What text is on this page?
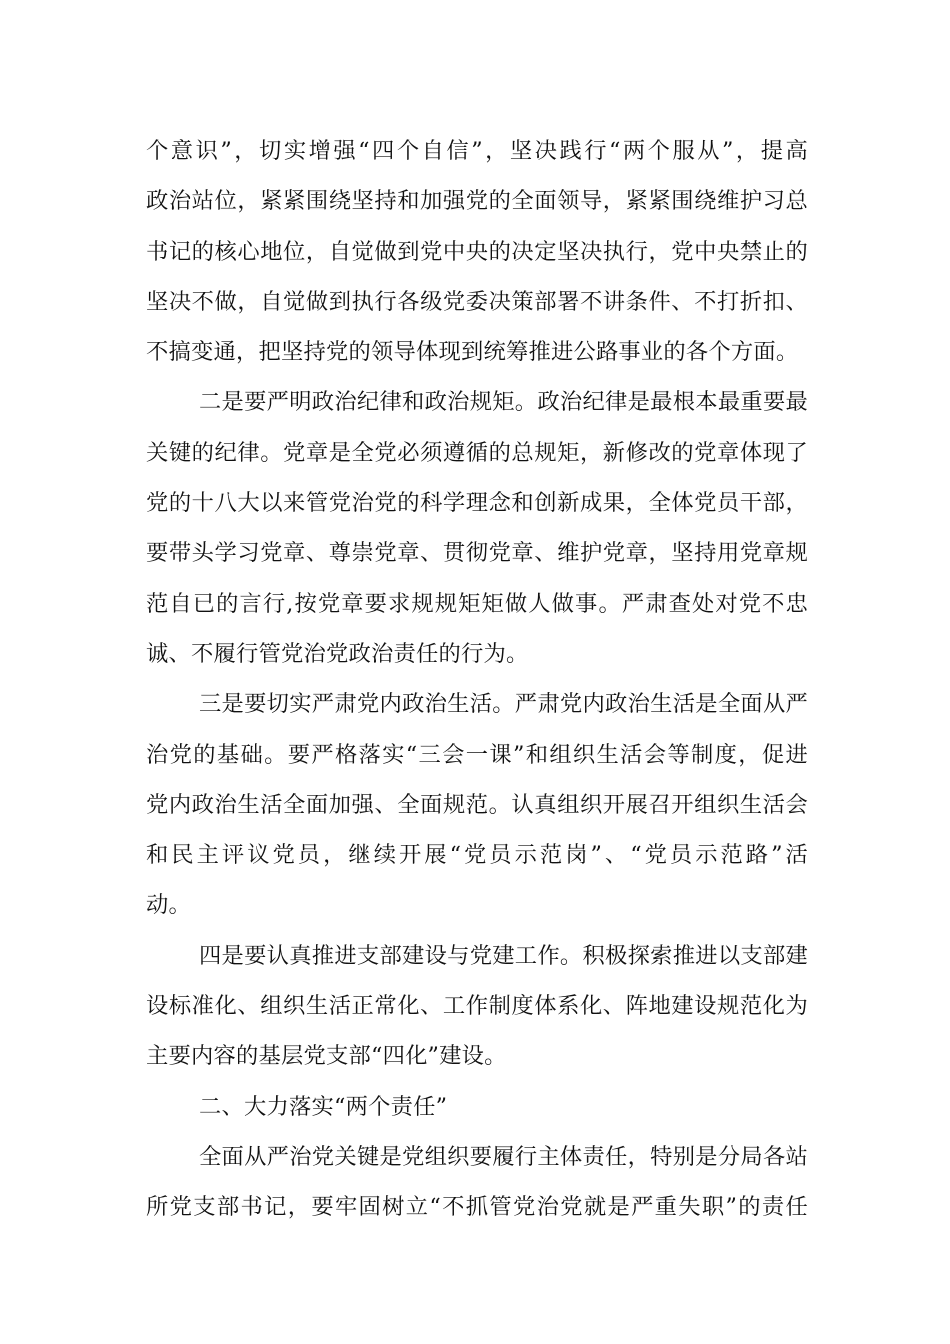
个意识”，切实增强“四个自信”，坚决践行“两个服从”，提高
政治站位，紧紧围绕坚持和加强党的全面领导，紧紧围绕维护习总
书记的核心地位，自觉做到党中央的决定坚决执行，党中央禁止的
坚决不做，自觉做到执行各级党委决策部署不讲条件、不打折扣、
不搞变通，把坚持党的领导体现到统筹推进公路事业的各个方面。
二是要严明政治纪律和政治规矩。政治纪律是最根本最重要最
关键的纪律。党章是全党必须遵循的总规矩，新修改的党章体现了
党的十八大以来管党治党的科学理念和创新成果，全体党员干部，
要带头学习党章、尊崇党章、贯彻党章、维护党章，坚持用党章规
范自已的言行,按党章要求规规矩矩做人做事。严肃查处对党不忠
诚、不履行管党治党政治责任的行为。
三是要切实严肃党内政治生活。严肃党内政治生活是全面从严
治党的基础。要严格落实“三会一课”和组织生活会等制度，促进
党内政治生活全面加强、全面规范。认真组织开展召开组织生活会
和民主评议党员，继续开展“党员示范岗”、“党员示范路”活
动。
四是要认真推进支部建设与党建工作。积极探索推进以支部建
设标准化、组织生活正常化、工作制度体系化、阵地建设规范化为
主要内容的基层党支部“四化”建设。
二、大力落实“两个责任”
全面从严治党关键是党组织要履行主体责任，特别是分局各站
所党支部书记，要牢固树立“不抓管党治党就是严重失职”的责任
